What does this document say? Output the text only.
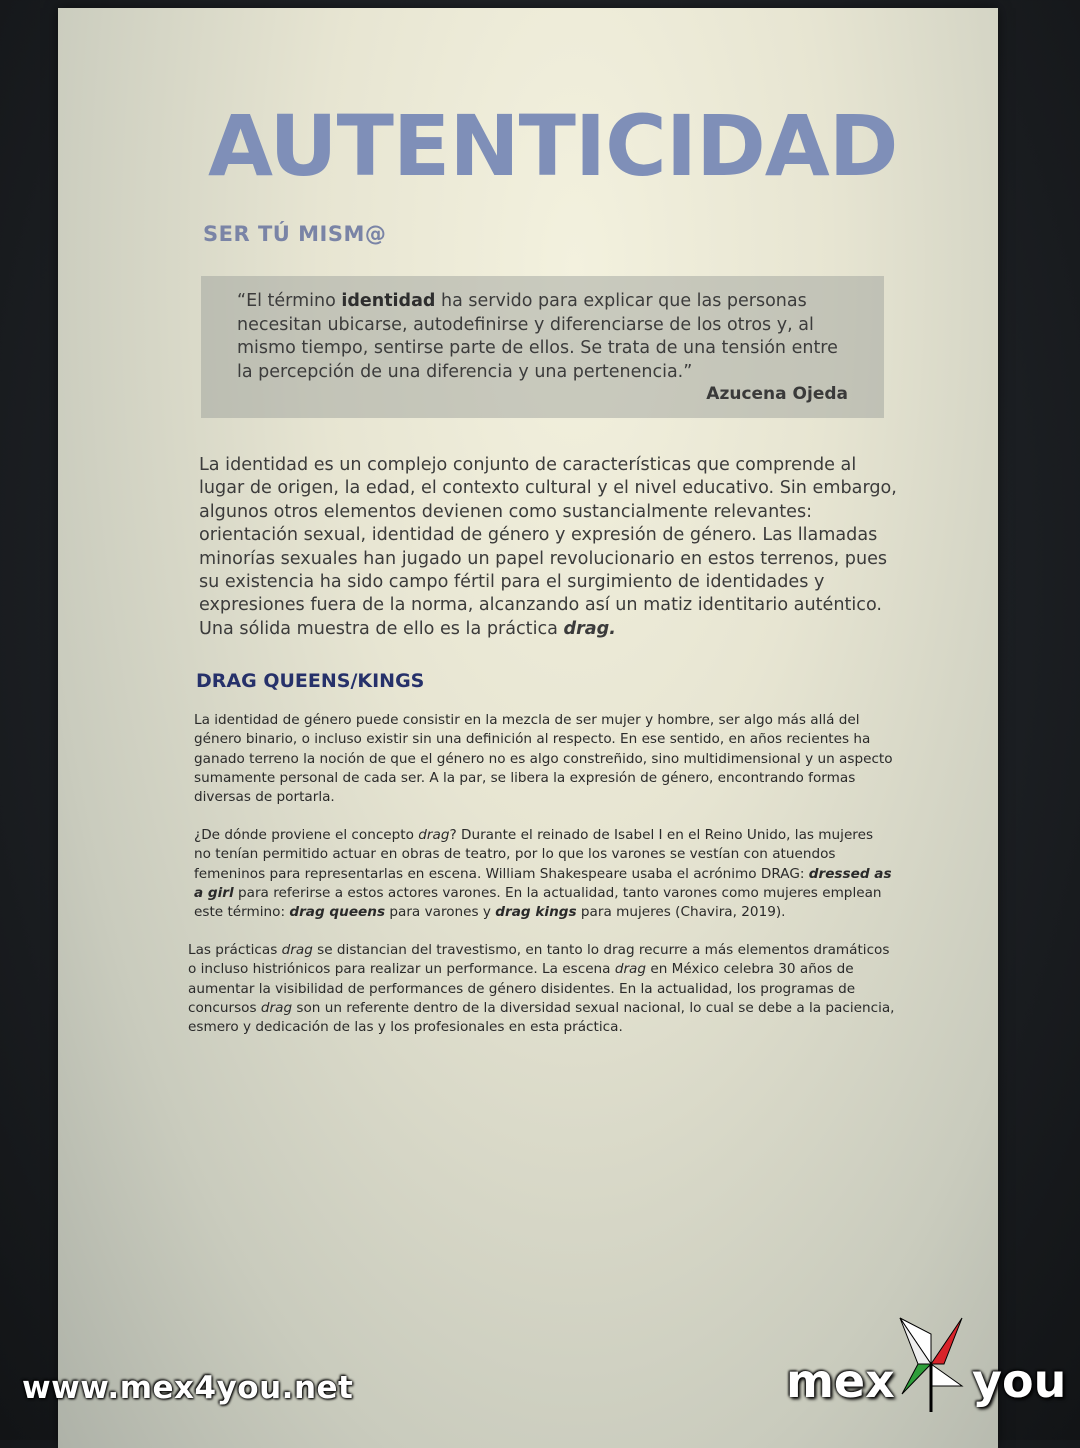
AUTENTICIDAD
SER TÚ MISM@

“El término identidad ha servido para explicar que las personas necesitan ubicarse, autodefinirse y diferenciarse de los otros y, al mismo tiempo, sentirse parte de ellos. Se trata de una tensión entre la percepción de una diferencia y una pertenencia.”

Azucena Ojeda

La identidad es un complejo conjunto de características que comprende al lugar de origen, la edad, el contexto cultural y el nivel educativo. Sin embargo, algunos otros elementos devienen como sustancialmente relevantes: orientación sexual, identidad de género y expresión de género. Las llamadas minorías sexuales han jugado un papel revolucionario en estos terrenos, pues su existencia ha sido campo fértil para el surgimiento de identidades y expresiones fuera de la norma, alcanzando así un matiz identitario auténtico.
Una sólida muestra de ello es la práctica drag.

DRAG QUEENS/KINGS

La identidad de género puede consistir en la mezcla de ser mujer y hombre, ser algo más allá del género binario, o incluso existir sin una definición al respecto. En ese sentido, en años recientes ha ganado terreno la noción de que el género no es algo constreñido, sino multidimensional y un aspecto sumamente personal de cada ser. A la par, se libera la expresión de género, encontrando formas diversas de portarla.

¿De dónde proviene el concepto drag? Durante el reinado de Isabel I en el Reino Unido, las mujeres no tenían permitido actuar en obras de teatro, por lo que los varones se vestían con atuendos femeninos para representarlas en escena. William Shakespeare usaba el acrónimo DRAG: dressed as a girl para referirse a estos actores varones. En la actualidad, tanto varones como mujeres emplean este término: drag queens para varones y drag kings para mujeres (Chavira, 2019).

Las prácticas drag se distancian del travestismo, en tanto lo drag recurre a más elementos dramáticos o incluso histriónicos para realizar un performance. La escena drag en México celebra 30 años de aumentar la visibilidad de performances de género disidentes. En la actualidad, los programas de concursos drag son un referente dentro de la diversidad sexual nacional, lo cual se debe a la paciencia, esmero y dedicación de las y los profesionales en esta práctica.

www.mex4you.net	mex you
